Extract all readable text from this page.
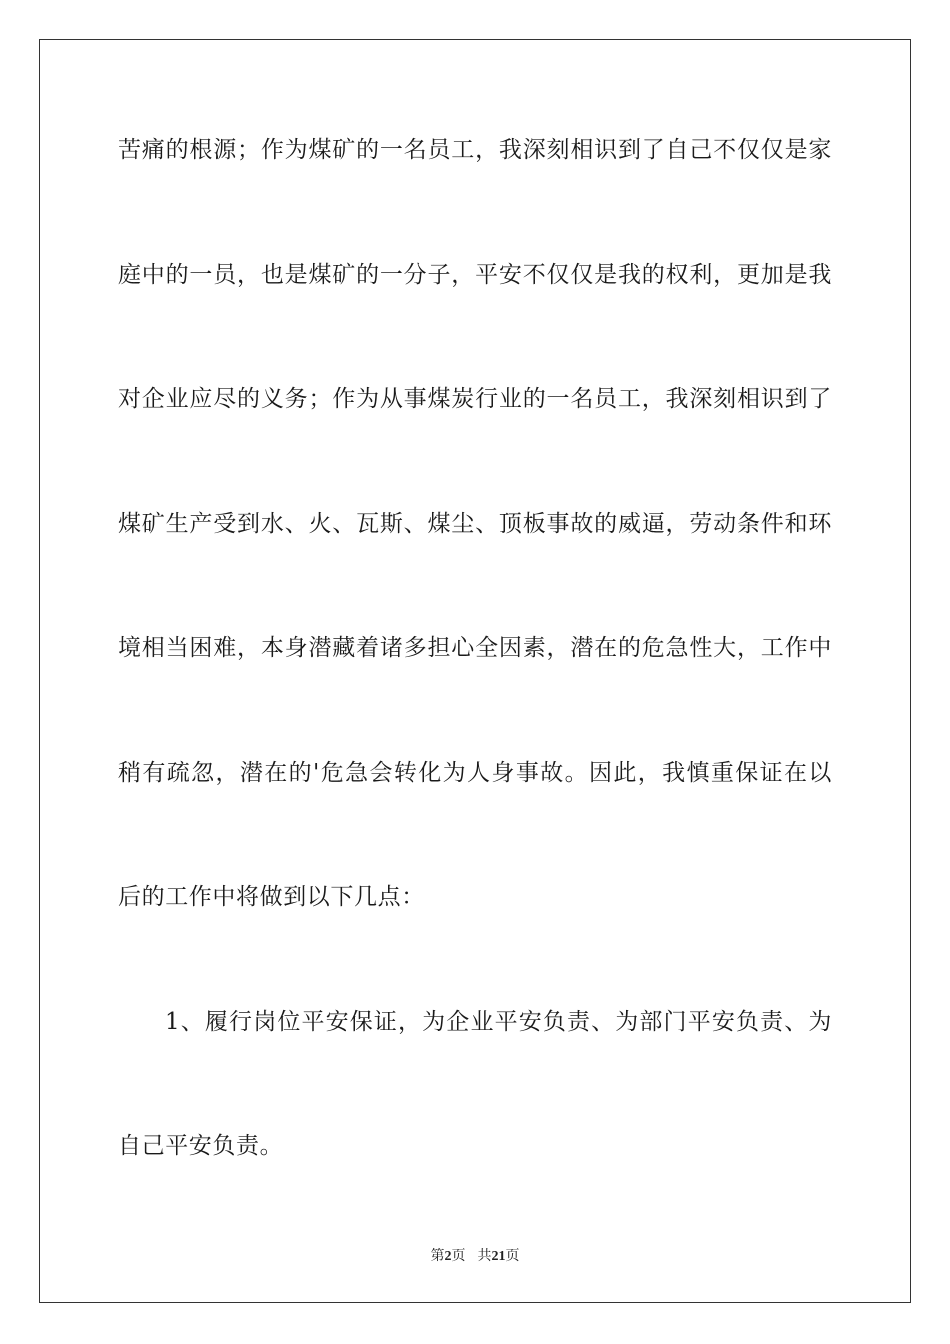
苦痛的根源；作为煤矿的一名员工，我深刻相识到了自己不仅仅是家
庭中的一员，也是煤矿的一分子，平安不仅仅是我的权利，更加是我
对企业应尽的义务；作为从事煤炭行业的一名员工，我深刻相识到了
煤矿生产受到水、火、瓦斯、煤尘、顶板事故的威逼，劳动条件和环
境相当困难，本身潜藏着诸多担心全因素，潜在的危急性大，工作中
稍有疏忽，潜在的'危急会转化为人身事故。因此，我慎重保证在以
后的工作中将做到以下几点：
1、履行岗位平安保证，为企业平安负责、为部门平安负责、为
自己平安负责。
第2页 共21页
